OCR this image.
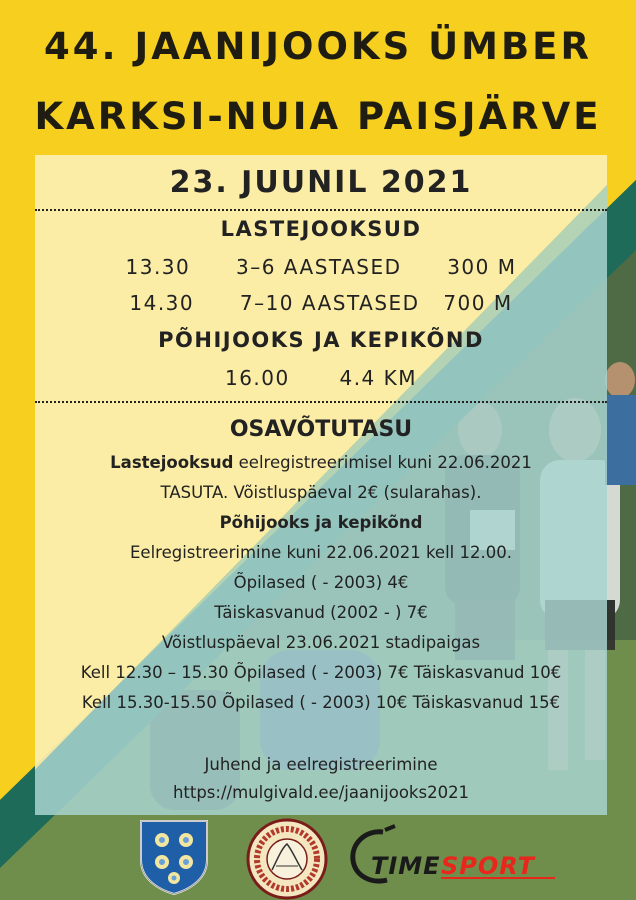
44. JAANIJOOKS ÜMBER
KARKSI-NUIA PAISJÄRVE
23. JUUNIL 2021
LASTEJOOKSUD
13.30 3–6 AASTASED 300 M
14.30 7–10 AASTASED 700 M
PÕHIJOOKS JA KEPIKÕND
16.00 4.4 KM
OSAVÕTUTASU
Lastejooksud eelregistreerimisel kuni 22.06.2021
TASUTA. Võistluspäeval 2€ (sularahas).
Põhijooks ja kepikõnd
Eelregistreerimine kuni 22.06.2021 kell 12.00.
Õpilased ( - 2003) 4€
Täiskasvanud (2002 - ) 7€
Võistluspäeval 23.06.2021 stadipaigas
Kell 12.30 – 15.30 Õpilased ( - 2003) 7€ Täiskasvanud 10€
Kell 15.30-15.50 Õpilased ( - 2003) 10€ Täiskasvanud 15€
Juhend ja eelregistreerimine
https://mulgivald.ee/jaanijooks2021
TIME SPORT
